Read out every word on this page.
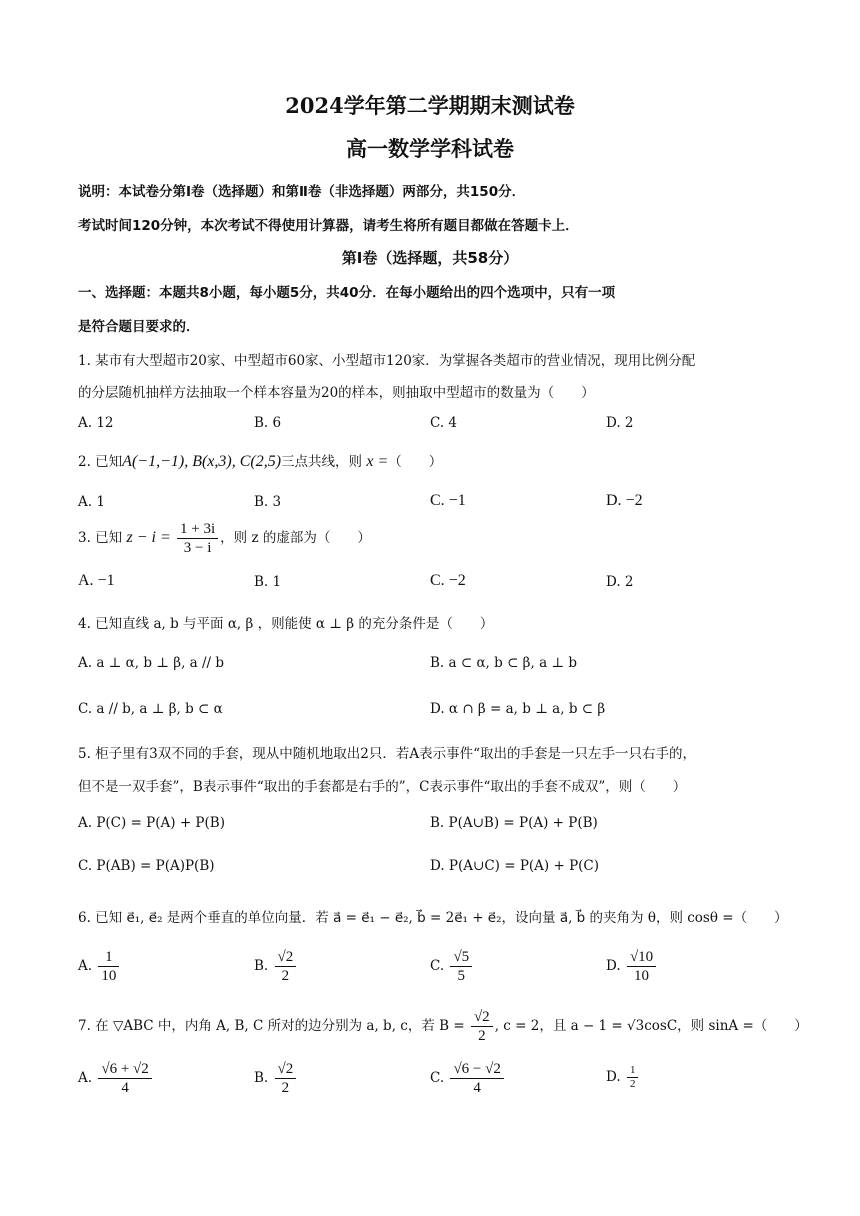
2024学年第二学期期末测试卷
高一数学学科试卷
说明：本试卷分第Ⅰ卷（选择题）和第Ⅱ卷（非选择题）两部分，共150分．
考试时间120分钟，本次考试不得使用计算器，请考生将所有题目都做在答题卡上．
第Ⅰ卷（选择题，共58分）
一、选择题：本题共8小题，每小题5分，共40分．在每小题给出的四个选项中，只有一项
是符合题目要求的．
1. 某市有大型超市20家、中型超市60家、小型超市120家．为掌握各类超市的营业情况，现用比例分配
的分层随机抽样方法抽取一个样本容量为20的样本，则抽取中型超市的数量为（　　）
A. 12	B. 6	C. 4	D. 2
2. 已知A(−1,−1), B(x,3), C(2,5)三点共线，则 x =（　　）
A. 1	B. 3	C. −1	D. −2
3. 已知 $z - i = \frac{1 + 3i}{3 - i}$ ，则 z 的虚部为（　　）
A. −1	B. 1	C. −2	D. 2
4. 已知直线 a, b 与平面 α, β ，则能使 α ⊥ β 的充分条件是（　　）
A. a ⊥ α, b ⊥ β, a // b	B. a ⊂ α, b ⊂ β, a ⊥ b
C. a // b, a ⊥ β, b ⊂ α	D. α ∩ β = a, b ⊥ a, b ⊂ β
5. 柜子里有3双不同的手套，现从中随机地取出2只．若A表示事件“取出的手套是一只左手一只右手的，
但不是一双手套”，B表示事件“取出的手套都是右手的”，C表示事件“取出的手套不成双”，则（　　）
A. P(C) = P(A) + P(B)	B. P(A∪B) = P(A) + P(B)
C. P(AB) = P(A)P(B)	D. P(A∪C) = P(A) + P(C)
6. 已知 e⃗₁, e⃗₂ 是两个垂直的单位向量．若 a⃗ = e⃗₁ − e⃗₂, b⃗ = 2e⃗₁ + e⃗₂，设向量 a⃗, b⃗ 的夹角为 θ，则 cosθ =（　　）
A. $\frac{1}{10}$	B. $\frac{√2}{2}$	C. $\frac{√5}{5}$	D. $\frac{√10}{10}$
7. 在 ▽ABC 中，内角 A, B, C 所对的边分别为 a, b, c，若 $B = \frac{√2}{2}$ , c = 2，且 a − 1 = √3cosC，则 sinA =（　　）
A. $\frac{√6 + √2}{4}$	B. $\frac{√2}{2}$	C. $\frac{√6 - √2}{4}$	D. $\frac{1}{2}$
